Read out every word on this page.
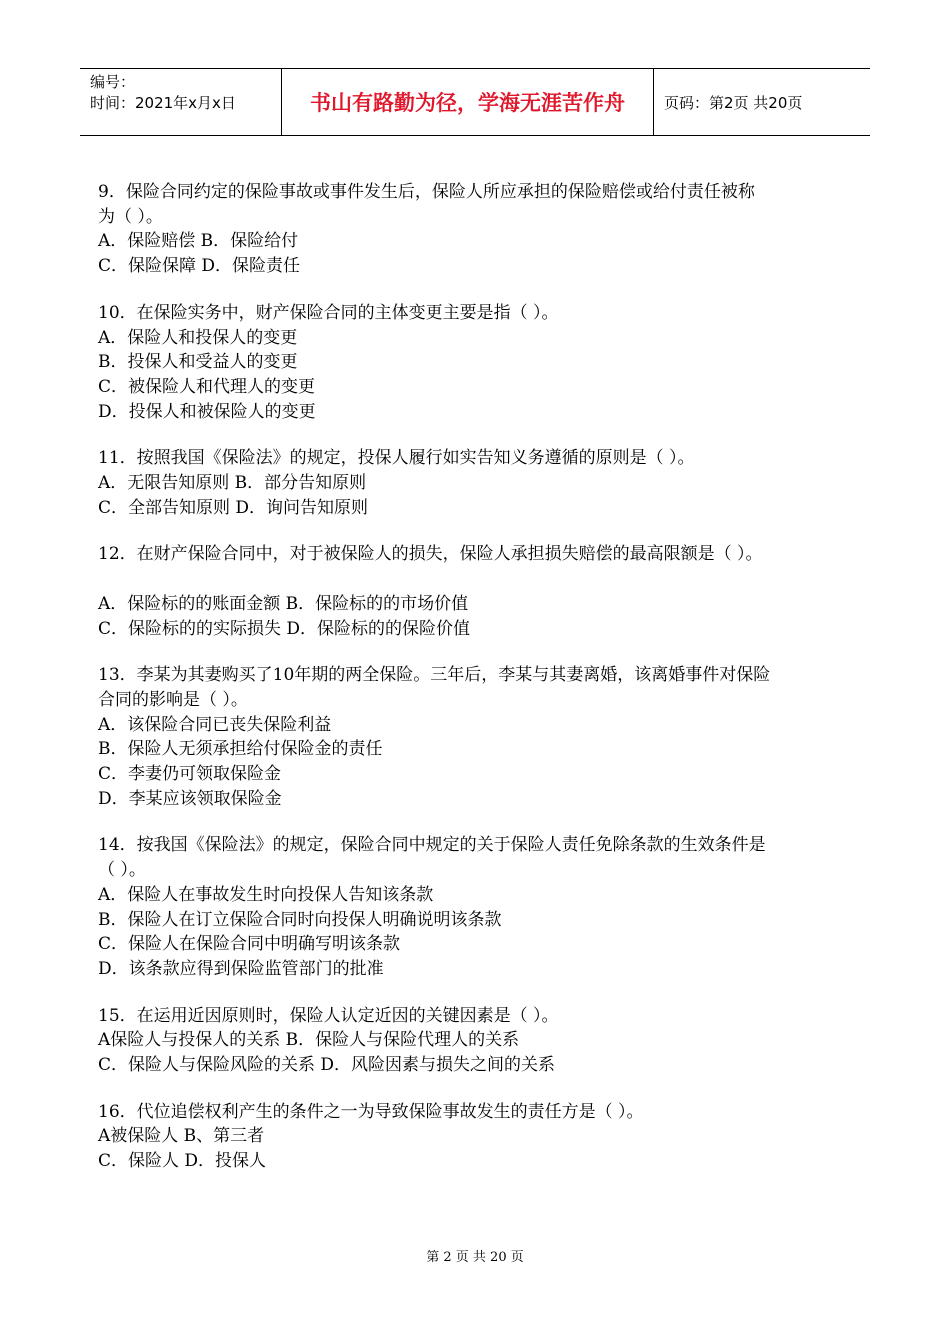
编号：
时间：2021年x月x日	书山有路勤为径，学海无涯苦作舟	页码：第2页 共20页
9．保险合同约定的保险事故或事件发生后，保险人所应承担的保险赔偿或给付责任被称
为（ ）。
A．保险赔偿 B．保险给付
C．保险保障 D．保险责任
10．在保险实务中，财产保险合同的主体变更主要是指（ ）。
A．保险人和投保人的变更
B．投保人和受益人的变更
C．被保险人和代理人的变更
D．投保人和被保险人的变更
11．按照我国《保险法》的规定，投保人履行如实告知义务遵循的原则是（ ）。
A．无限告知原则 B．部分告知原则
C．全部告知原则 D．询问告知原则
12．在财产保险合同中，对于被保险人的损失，保险人承担损失赔偿的最高限额是（ ）。
A．保险标的的账面金额 B．保险标的的市场价值
C．保险标的的实际损失 D．保险标的的保险价值
13．李某为其妻购买了10年期的两全保险。三年后，李某与其妻离婚，该离婚事件对保险
合同的影响是（ ）。
A．该保险合同已丧失保险利益
B．保险人无须承担给付保险金的责任
C．李妻仍可领取保险金
D．李某应该领取保险金
14．按我国《保险法》的规定，保险合同中规定的关于保险人责任免除条款的生效条件是
（ ）。
A．保险人在事故发生时向投保人告知该条款
B．保险人在订立保险合同时向投保人明确说明该条款
C．保险人在保险合同中明确写明该条款
D．该条款应得到保险监管部门的批准
15．在运用近因原则时，保险人认定近因的关键因素是（ ）。
A保险人与投保人的关系 B．保险人与保险代理人的关系
C．保险人与保险风险的关系 D．风险因素与损失之间的关系
16．代位追偿权利产生的条件之一为导致保险事故发生的责任方是（ ）。
A被保险人 B、第三者
C．保险人 D．投保人
第 2 页 共 20 页
